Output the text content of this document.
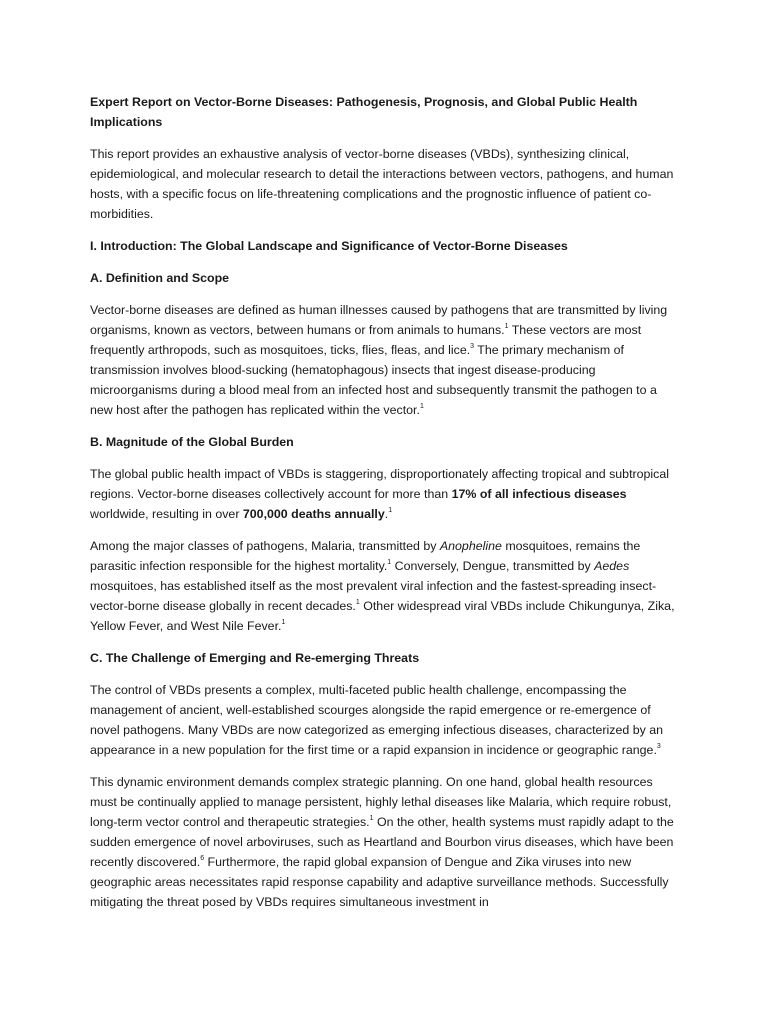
Expert Report on Vector-Borne Diseases: Pathogenesis, Prognosis, and Global Public Health Implications

This report provides an exhaustive analysis of vector-borne diseases (VBDs), synthesizing clinical, epidemiological, and molecular research to detail the interactions between vectors, pathogens, and human hosts, with a specific focus on life-threatening complications and the prognostic influence of patient co-morbidities.

I. Introduction: The Global Landscape and Significance of Vector-Borne Diseases

A. Definition and Scope

Vector-borne diseases are defined as human illnesses caused by pathogens that are transmitted by living organisms, known as vectors, between humans or from animals to humans.$^1$ These vectors are most frequently arthropods, such as mosquitoes, ticks, flies, fleas, and lice.$^3$ The primary mechanism of transmission involves blood-sucking (hematophagous) insects that ingest disease-producing microorganisms during a blood meal from an infected host and subsequently transmit the pathogen to a new host after the pathogen has replicated within the vector.$^1$

B. Magnitude of the Global Burden

The global public health impact of VBDs is staggering, disproportionately affecting tropical and subtropical regions. Vector-borne diseases collectively account for more than 17% of all infectious diseases worldwide, resulting in over 700,000 deaths annually.$^1$

Among the major classes of pathogens, Malaria, transmitted by Anopheline mosquitoes, remains the parasitic infection responsible for the highest mortality.$^1$ Conversely, Dengue, transmitted by Aedes mosquitoes, has established itself as the most prevalent viral infection and the fastest-spreading insect-vector-borne disease globally in recent decades.$^1$ Other widespread viral VBDs include Chikungunya, Zika, Yellow Fever, and West Nile Fever.$^1$

C. The Challenge of Emerging and Re-emerging Threats

The control of VBDs presents a complex, multi-faceted public health challenge, encompassing the management of ancient, well-established scourges alongside the rapid emergence or re-emergence of novel pathogens. Many VBDs are now categorized as emerging infectious diseases, characterized by an appearance in a new population for the first time or a rapid expansion in incidence or geographic range.$^3$

This dynamic environment demands complex strategic planning. On one hand, global health resources must be continually applied to manage persistent, highly lethal diseases like Malaria, which require robust, long-term vector control and therapeutic strategies.$^1$ On the other, health systems must rapidly adapt to the sudden emergence of novel arboviruses, such as Heartland and Bourbon virus diseases, which have been recently discovered.$^6$ Furthermore, the rapid global expansion of Dengue and Zika viruses into new geographic areas necessitates rapid response capability and adaptive surveillance methods. Successfully mitigating the threat posed by VBDs requires simultaneous investment in
